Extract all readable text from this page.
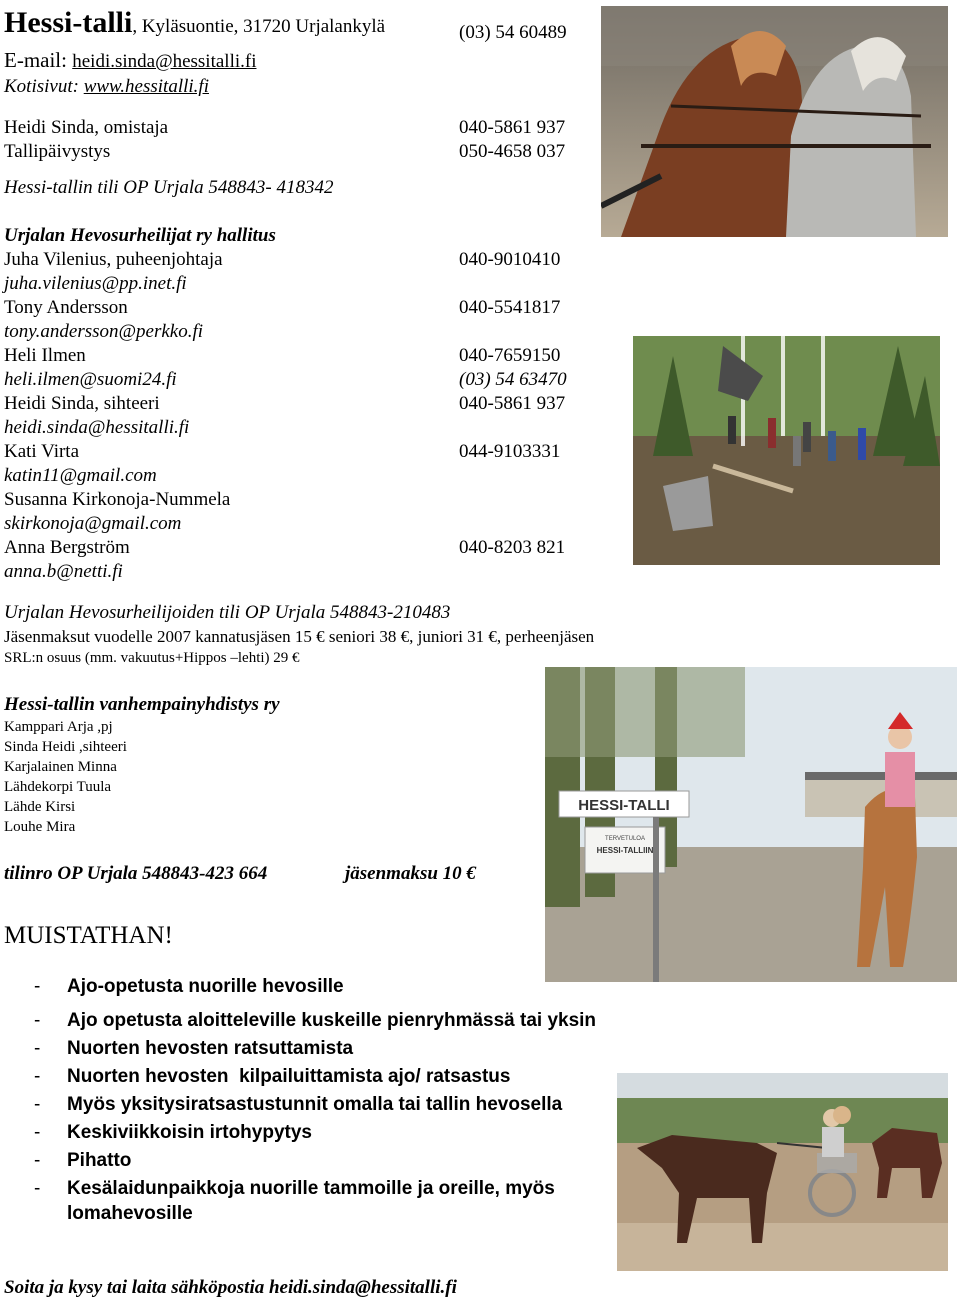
Hessi-talli, Kyläsuontie, 31720 Urjalankylä	(03) 54 60489
E-mail: heidi.sinda@hessitalli.fi
Kotisivut: www.hessitalli.fi
Heidi Sinda, omistaja	040-5861 937
Tallipäivystys	050-4658 037
Hessi-tallin tili OP Urjala 548843- 418342
Urjalan Hevosurheilijat ry hallitus
Juha Vilenius, puheenjohtaja	040-9010410
juha.vilenius@pp.inet.fi
Tony Andersson	040-5541817
tony.andersson@perkko.fi
Heli Ilmen	040-7659150
heli.ilmen@suomi24.fi	(03) 54 63470
Heidi Sinda, sihteeri	040-5861 937
heidi.sinda@hessitalli.fi
Kati Virta	044-9103331
katin11@gmail.com
Susanna Kirkonoja-Nummela
skirkonoja@gmail.com
Anna Bergström	040-8203 821
anna.b@netti.fi
Urjalan Hevosurheilijoiden tili OP Urjala 548843-210483
Jäsenmaksut vuodelle 2007 kannatusjäsen 15 € seniori 38 €, juniori 31 €, perheenjäsen
SRL:n osuus (mm. vakuutus+Hippos –lehti) 29 €
Hessi-tallin vanhempainyhdistys ry
Kamppari Arja ,pj
Sinda Heidi ,sihteeri
Karjalainen Minna
Lähdekorpi Tuula
Lähde Kirsi
Louhe Mira
tilinro OP Urjala 548843-423 664	jäsenmaksu 10 €
MUISTATHAN!
- Ajo-opetusta nuorille hevosille
- Ajo opetusta aloitteleville kuskeille pienryhmässä tai yksin
- Nuorten hevosten ratsuttamista
- Nuorten hevosten  kilpailuittamista ajo/ ratsastus
- Myös yksitysiratsastustunnit omalla tai tallin hevosella
- Keskiviikkoisin irtohypytys
- Pihatto
- Kesälaidunpaikkoja nuorille tammoille ja oreille, myös
lomahevosille
Soita ja kysy tai laita sähköpostia heidi.sinda@hessitalli.fi
HESSI-TALLI
TERVETULOA
HESSI-TALLIIN
